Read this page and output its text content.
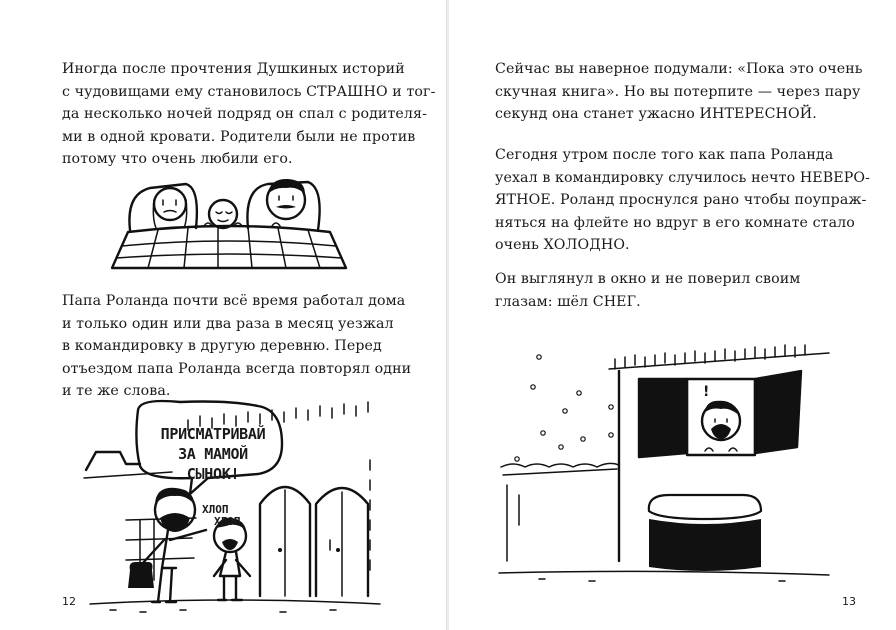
Иногда после прочтения Душкиных историй
с чудовищами ему становилось СТРАШНО и тог-
да несколько ночей подряд он спал с родителя-
ми в одной кровати. Родители были не против
потому что очень любили его.

Папа Роланда почти всё время работал дома
и только один или два раза в месяц уезжал
в командировку в другую деревню. Перед
отъездом папа Роланда всегда повторял одни
и те же слова.

ПРИСМАТРИВАЙ
ЗА МАМОЙ
СЫНОК!
ХЛОП
ХЛОП
12

Сейчас вы наверное подумали: «Пока это очень
скучная книга». Но вы потерпите — через пару
секунд она станет ужасно ИНТЕРЕСНОЙ.

Сегодня утром после того как папа Роланда
уехал в командировку случилось нечто НЕВЕРО-
ЯТНОЕ. Роланд проснулся рано чтобы поупраж-
няться на флейте но вдруг в его комнате стало
очень ХОЛОДНО.

Он выглянул в окно и не поверил своим
глазам: шёл СНЕГ.

!
13
